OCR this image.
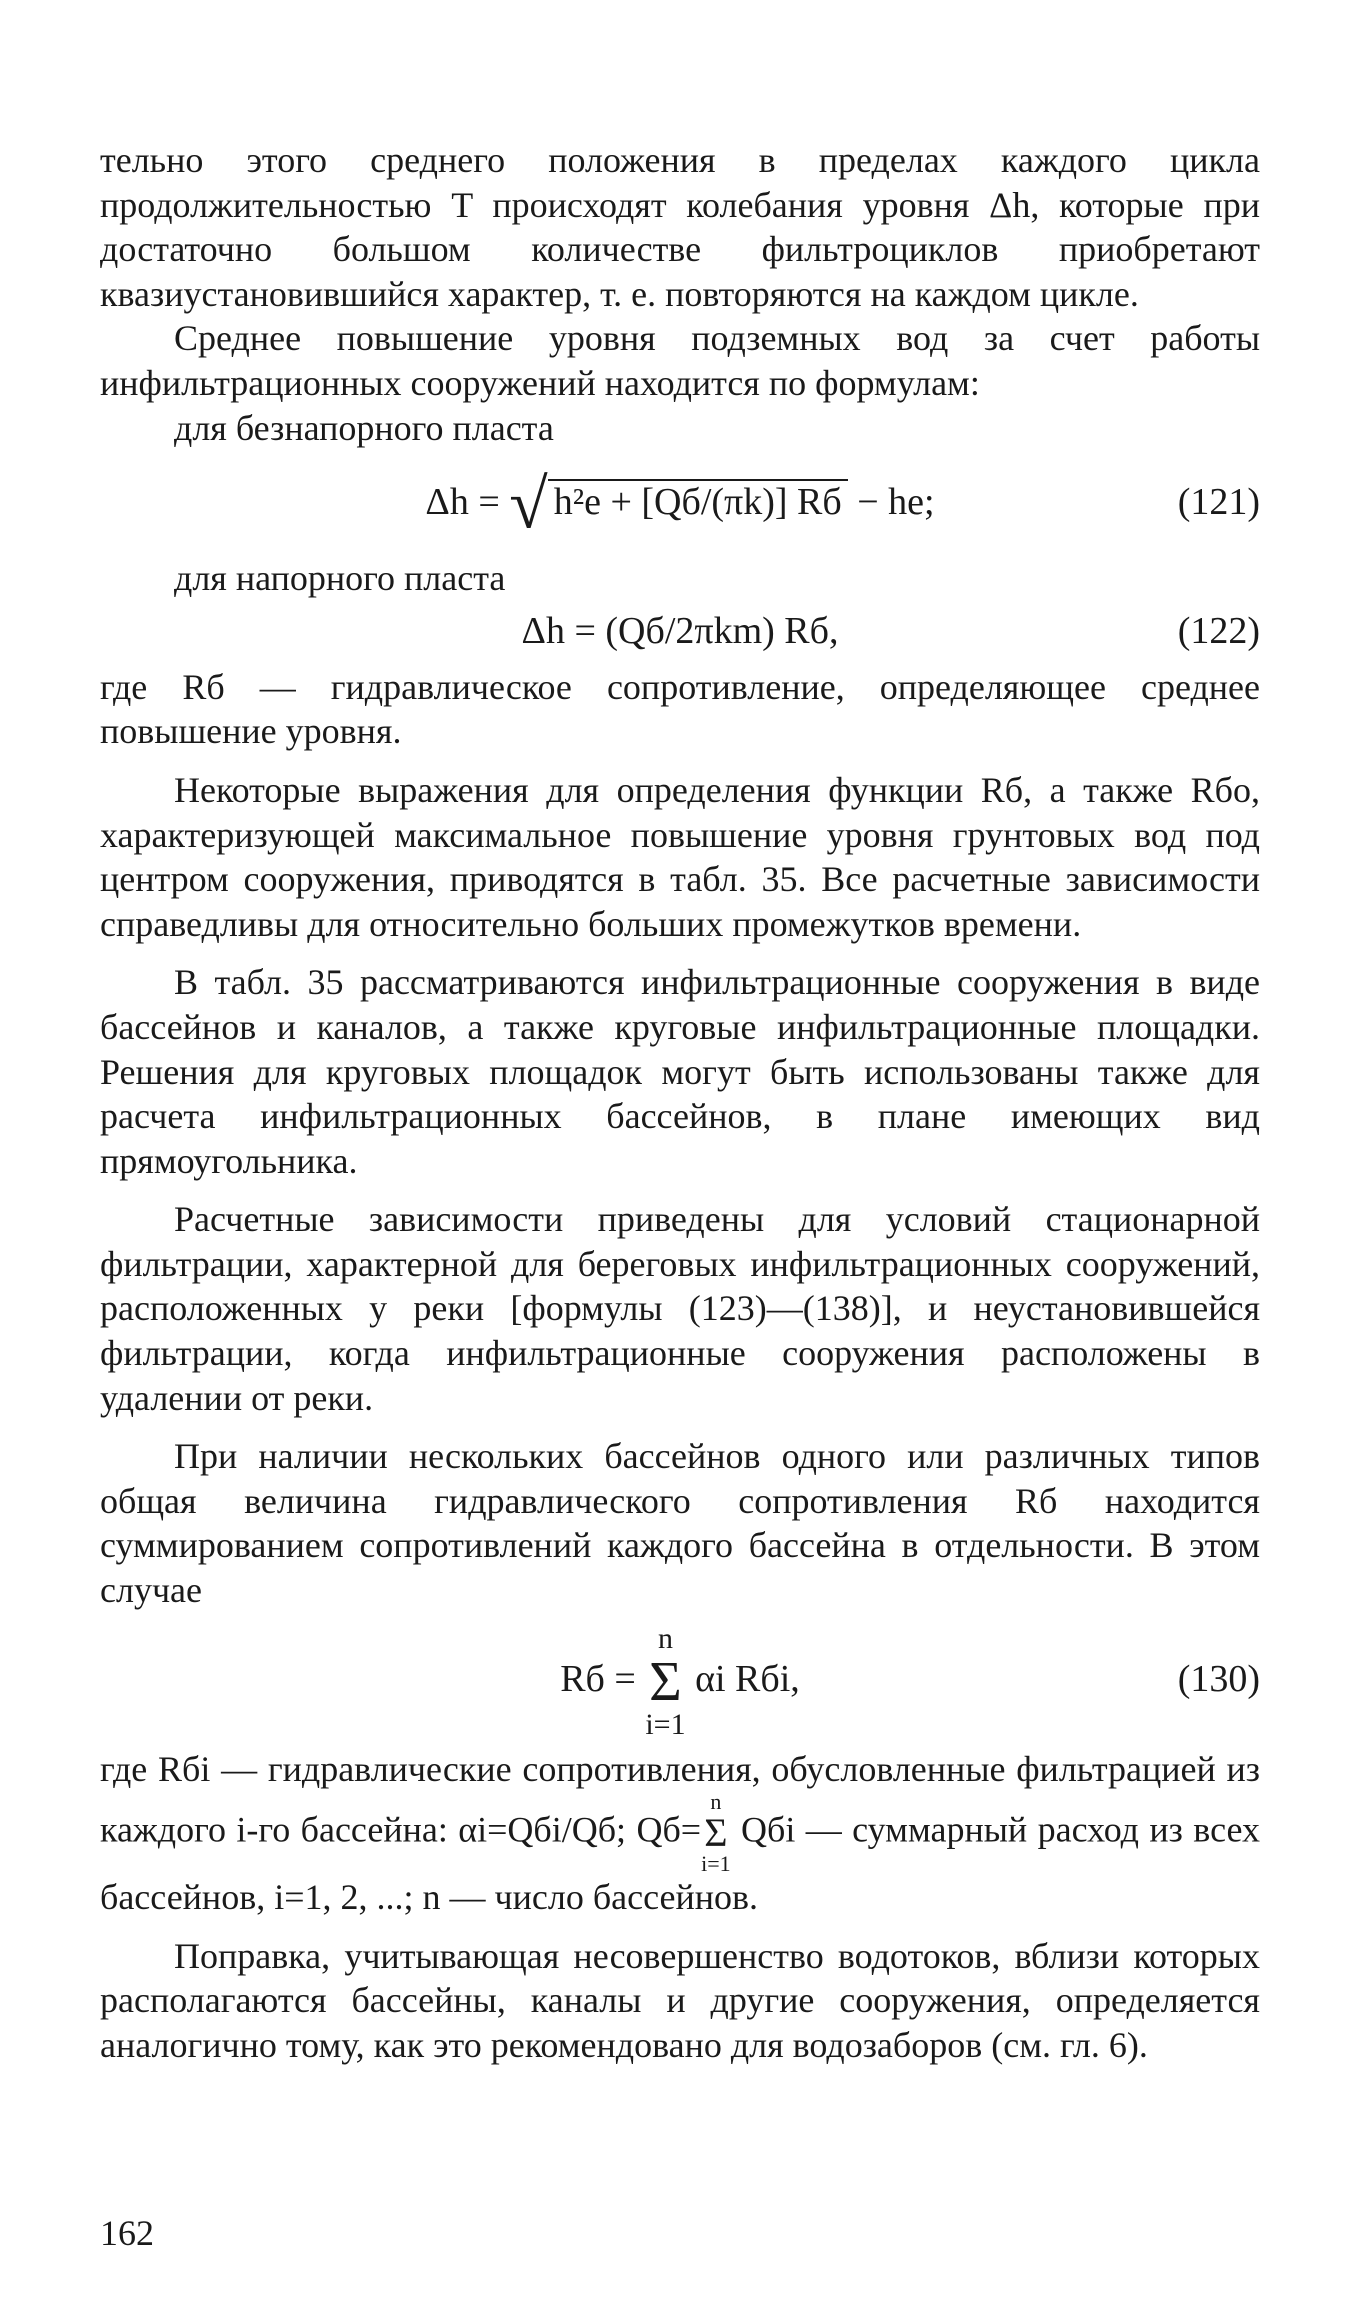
тельно этого среднего положения в пределах каждого цикла продолжительностью T происходят колебания уровня Δh, которые при достаточно большом количестве фильтроциклов приобретают квазиустановившийся характер, т. е. повторяются на каждом цикле.

Среднее повышение уровня подземных вод за счет работы инфильтрационных сооружений находится по формулам:

для безнапорного пласта

Δh = √ h²e + [Qб/(πk)] Rб − he;	(121)

для напорного пласта

Δh = (Qб/2πkm) Rб,	(122)

где Rб — гидравлическое сопротивление, определяющее среднее повышение уровня.

Некоторые выражения для определения функции Rб, а также Rбо, характеризующей максимальное повышение уровня грунтовых вод под центром сооружения, приводятся в табл. 35. Все расчетные зависимости справедливы для относительно больших промежутков времени.

В табл. 35 рассматриваются инфильтрационные сооружения в виде бассейнов и каналов, а также круговые инфильтрационные площадки. Решения для круговых площадок могут быть использованы также для расчета инфильтрационных бассейнов, в плане имеющих вид прямоугольника.

Расчетные зависимости приведены для условий стационарной фильтрации, характерной для береговых инфильтрационных сооружений, расположенных у реки [формулы (123)—(138)], и неустановившейся фильтрации, когда инфильтрационные сооружения расположены в удалении от реки.

При наличии нескольких бассейнов одного или различных типов общая величина гидравлического сопротивления Rб находится суммированием сопротивлений каждого бассейна в отдельности. В этом случае

Rб = n
Σ
i=1 αi Rбi,	(130)

где Rбi — гидравлические сопротивления, обусловленные фильтрацией из каждого i-го бассейна: αi=Qбi/Qб; Qб=n
Σ
i=1 Qбi — суммарный расход из всех бассейнов, i=1, 2, ...; n — число бассейнов.

Поправка, учитывающая несовершенство водотоков, вблизи которых располагаются бассейны, каналы и другие сооружения, определяется аналогично тому, как это рекомендовано для водозаборов (см. гл. 6).

162
